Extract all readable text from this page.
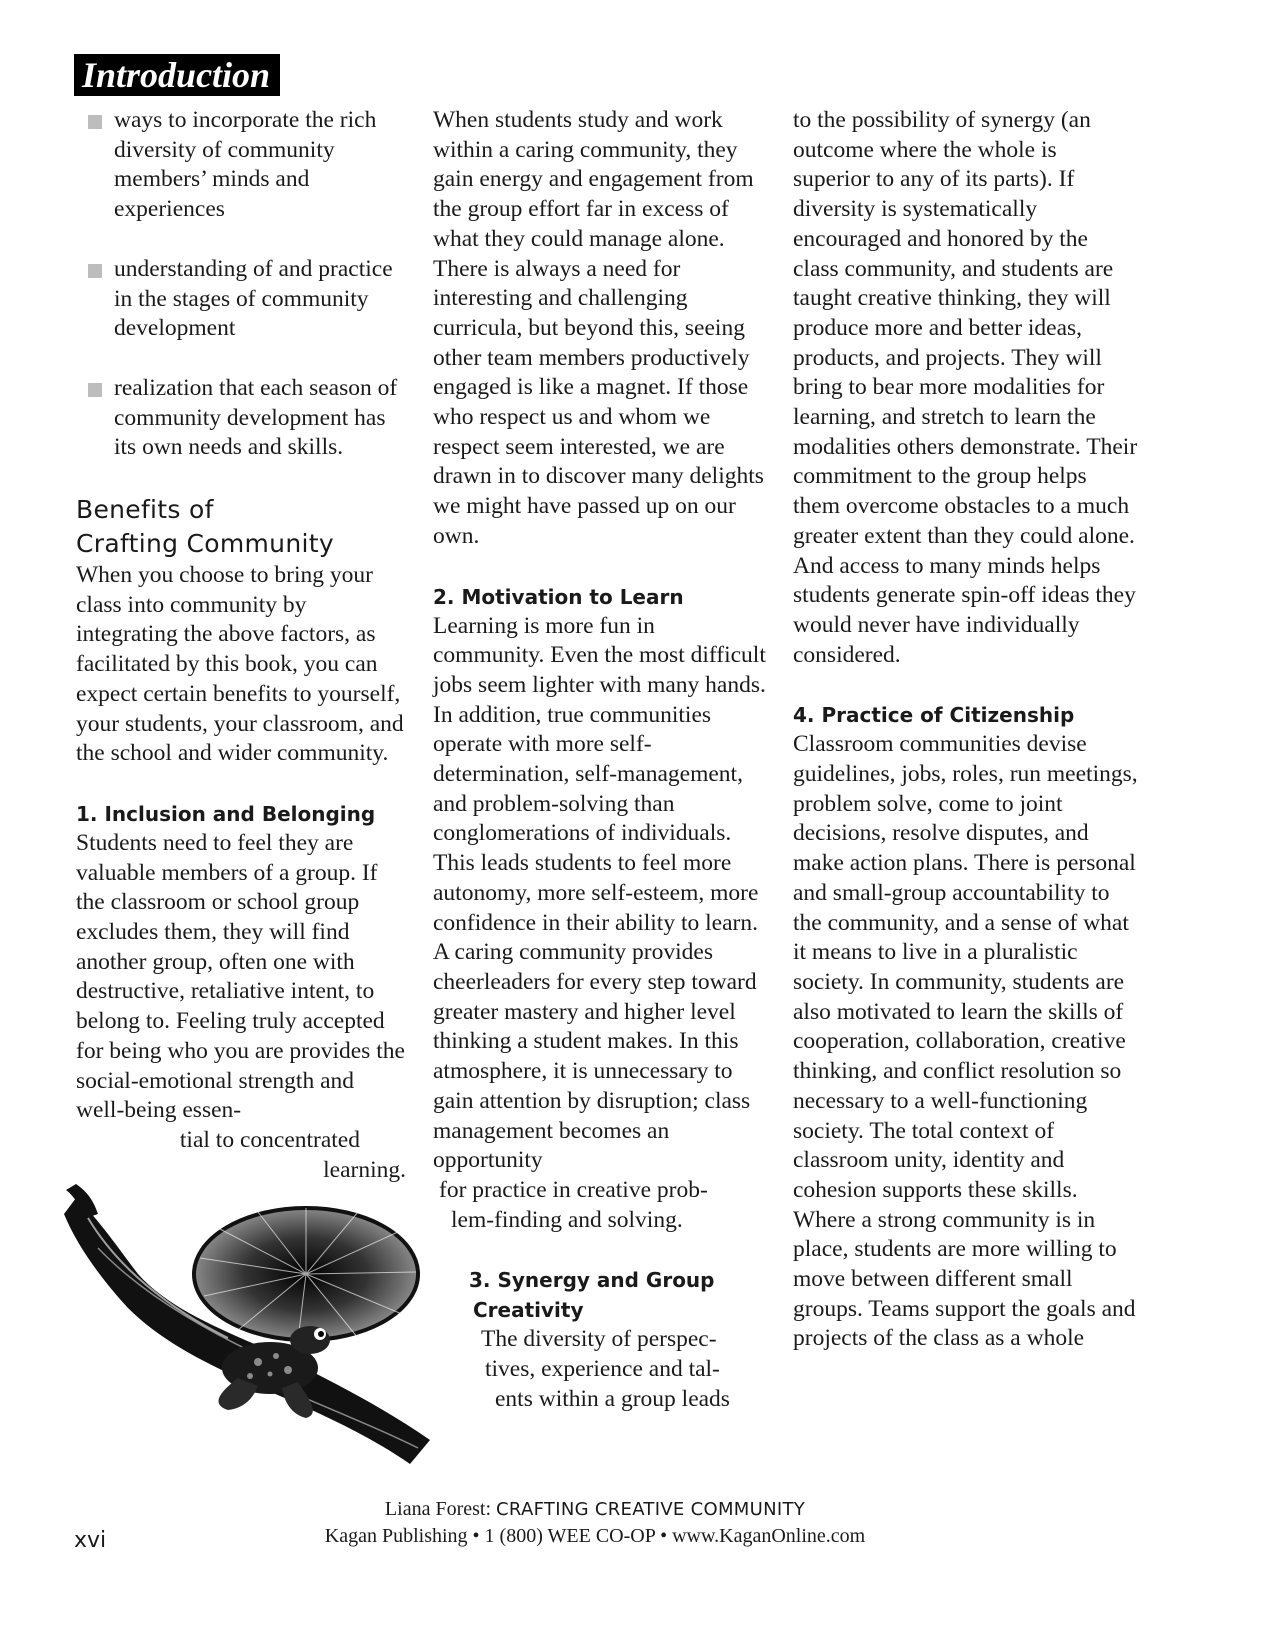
Introduction
ways to incorporate the rich diversity of community members’ minds and experiences
understanding of and practice in the stages of community development
realization that each season of community development has its own needs and skills.
Benefits of
Crafting Community

When you choose to bring your class into community by integrating the above factors, as facilitated by this book, you can expect certain benefits to yourself, your students, your classroom, and the school and wider community.

1. Inclusion and Belonging

Students need to feel they are valuable members of a group. If the classroom or school group excludes them, they will find another group, often one with destructive, retaliative intent, to belong to. Feeling truly accepted for being who you are provides the social-emotional strength and well-being essen-

tial to concentrated

learning.

When students study and work within a caring community, they gain energy and engagement from the group effort far in excess of what they could manage alone. There is always a need for interesting and challenging curricula, but beyond this, seeing other team members productively engaged is like a magnet. If those who respect us and whom we respect seem interested, we are drawn in to discover many delights we might have passed up on our own.

2. Motivation to Learn

Learning is more fun in community. Even the most difficult jobs seem lighter with many hands. In addition, true communities operate with more self-determination, self-management, and problem-solving than conglomerations of individuals. This leads students to feel more autonomy, more self-esteem, more confidence in their ability to learn. A caring community provides cheerleaders for every step toward greater mastery and higher level thinking a student makes. In this atmosphere, it is unnecessary to gain attention by disruption; class management becomes an opportunity

for practice in creative prob-

lem-finding and solving.

3. Synergy and Group
Creativity

The diversity of perspec-

tives, experience and tal-

ents within a group leads

to the possibility of synergy (an outcome where the whole is superior to any of its parts). If diversity is systematically encouraged and honored by the class community, and students are taught creative thinking, they will produce more and better ideas, products, and projects. They will bring to bear more modalities for learning, and stretch to learn the modalities others demonstrate. Their commitment to the group helps them overcome obstacles to a much greater extent than they could alone. And access to many minds helps students generate spin-off ideas they would never have individually considered.

4. Practice of Citizenship

Classroom communities devise guidelines, jobs, roles, run meetings, problem solve, come to joint decisions, resolve disputes, and make action plans. There is personal and small-group accountability to the community, and a sense of what it means to live in a pluralistic society. In community, students are also motivated to learn the skills of cooperation, collaboration, creative thinking, and conflict resolution so necessary to a well-functioning society. The total context of classroom unity, identity and cohesion supports these skills. Where a strong community is in place, students are more willing to move between different small groups. Teams support the goals and projects of the class as a whole

Liana Forest: CRAFTING CREATIVE COMMUNITY
Kagan Publishing • 1 (800) WEE CO-OP • www.KaganOnline.com
xvi
